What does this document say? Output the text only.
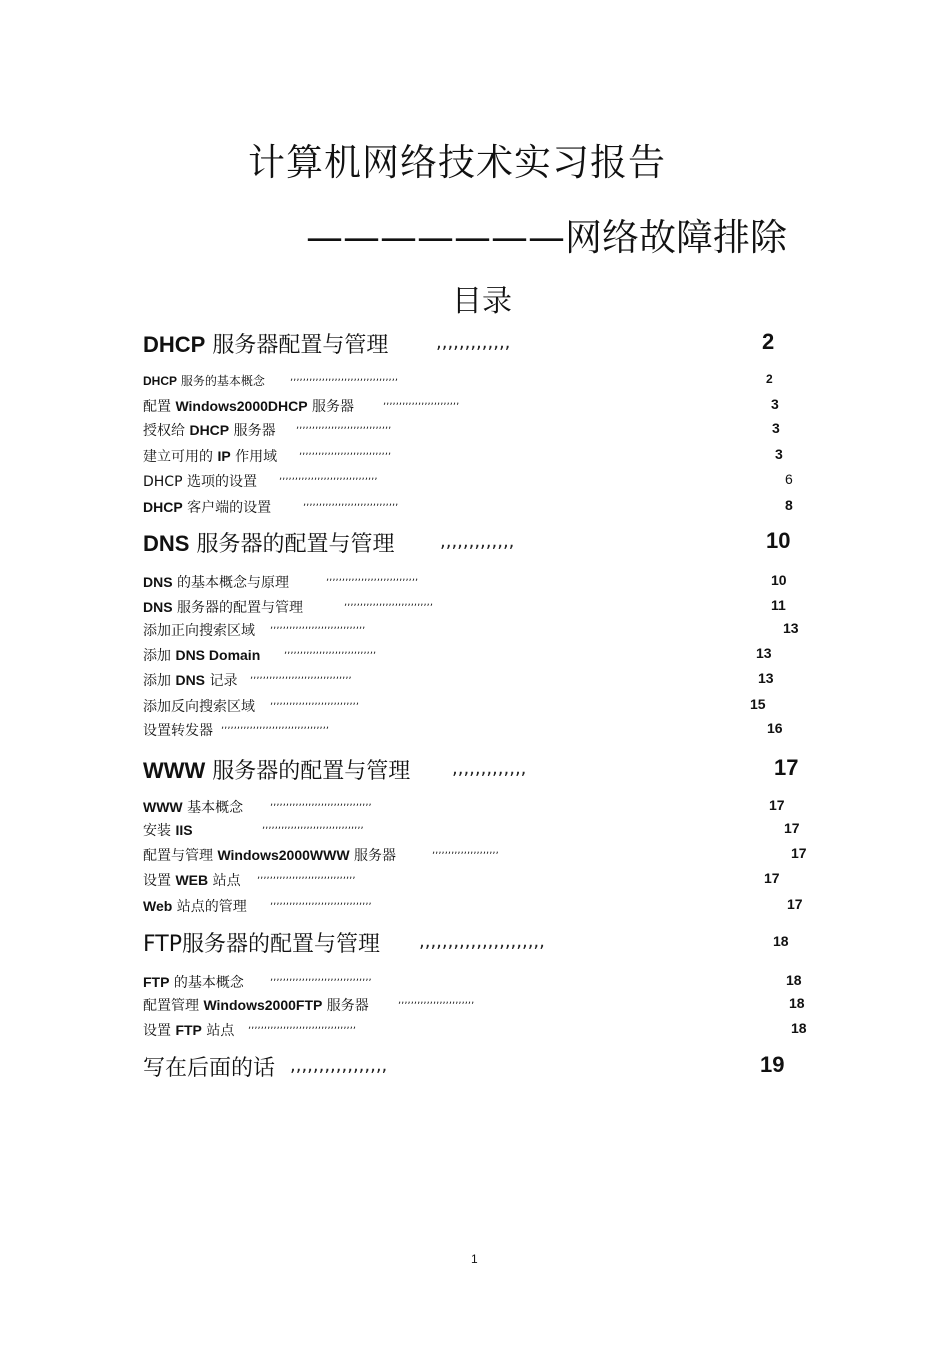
计算机网络技术实习报告
———————网络故障排除
目录
DHCP 服务器配置与管理	,,,,,,,,,,,,,	2
DHCP 服务的基本概念	,,,,,,,,,,,,,,,,,,,,,,,,,,,,,,,,,,	2
配置 Windows2000DHCP 服务器	,,,,,,,,,,,,,,,,,,,,,,,,	3
授权给 DHCP 服务器 ,,,,,,,,,,,,,,,,,,,,,,,,,,,,,,	3
建立可用的 IP 作用域 ,,,,,,,,,,,,,,,,,,,,,,,,,,,,,	3
DHCP 选项的设置 ,,,,,,,,,,,,,,,,,,,,,,,,,,,,,,,	6
DHCP 客户端的设置	,,,,,,,,,,,,,,,,,,,,,,,,,,,,,,	8
DNS 服务器的配置与管理	,,,,,,,,,,,,,	10
DNS 的基本概念与原理	,,,,,,,,,,,,,,,,,,,,,,,,,,,,,	10
DNS 服务器的配置与管理	,,,,,,,,,,,,,,,,,,,,,,,,,,,,	11
添加正向搜索区域 ,,,,,,,,,,,,,,,,,,,,,,,,,,,,,,	13
添加 DNS Domain ,,,,,,,,,,,,,,,,,,,,,,,,,,,,,	13
添加 DNS 记录 ,,,,,,,,,,,,,,,,,,,,,,,,,,,,,,,,	13
添加反向搜索区域 ,,,,,,,,,,,,,,,,,,,,,,,,,,,,	15
设置转发器 ,,,,,,,,,,,,,,,,,,,,,,,,,,,,,,,,,,	16
WWW 服务器的配置与管理 ,,,,,,,,,,,,,	17
WWW 基本概念	,,,,,,,,,,,,,,,,,,,,,,,,,,,,,,,,	17
安装 IIS	,,,,,,,,,,,,,,,,,,,,,,,,,,,,,,,,	17
配置与管理 Windows2000WWW 服务器	,,,,,,,,,,,,,,,,,,,,,	17
设置 WEB 站点 ,,,,,,,,,,,,,,,,,,,,,,,,,,,,,,,	17
Web 站点的管理 ,,,,,,,,,,,,,,,,,,,,,,,,,,,,,,,,	17
FTP服务器的配置与管理 ,,,,,,,,,,,,,,,,,,,,,,	18
FTP 的基本概念	,,,,,,,,,,,,,,,,,,,,,,,,,,,,,,,,	18
配置管理 Windows2000FTP 服务器	,,,,,,,,,,,,,,,,,,,,,,,,	18
设置 FTP 站点 ,,,,,,,,,,,,,,,,,,,,,,,,,,,,,,,,,,	18
写在后面的话 ,,,,,,,,,,,,,,,,,	19
1
